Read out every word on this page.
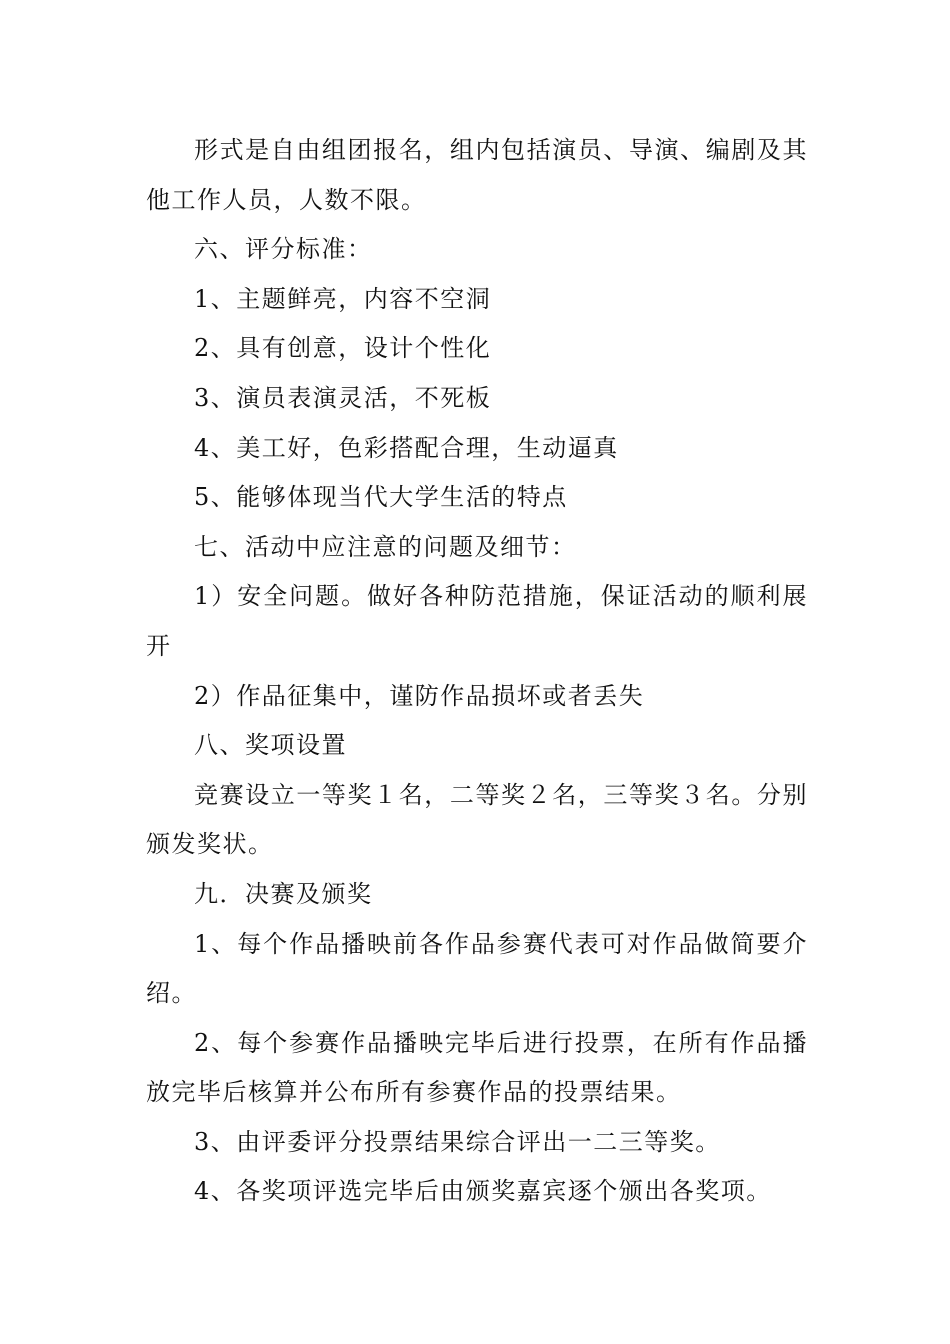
形式是自由组团报名，组内包括演员、导演、编剧及其他工作人员，人数不限。

六、评分标准：

1、主题鲜亮，内容不空洞

2、具有创意，设计个性化

3、演员表演灵活，不死板

4、美工好，色彩搭配合理，生动逼真

5、能够体现当代大学生活的特点

七、活动中应注意的问题及细节：

1）安全问题。做好各种防范措施，保证活动的顺利展开

2）作品征集中，谨防作品损坏或者丢失

八、奖项设置

竞赛设立一等奖１名，二等奖２名，三等奖３名。分别颁发奖状。

九．决赛及颁奖

1、每个作品播映前各作品参赛代表可对作品做简要介绍。

2、每个参赛作品播映完毕后进行投票，在所有作品播放完毕后核算并公布所有参赛作品的投票结果。

3、由评委评分投票结果综合评出一二三等奖。

4、各奖项评选完毕后由颁奖嘉宾逐个颁出各奖项。
